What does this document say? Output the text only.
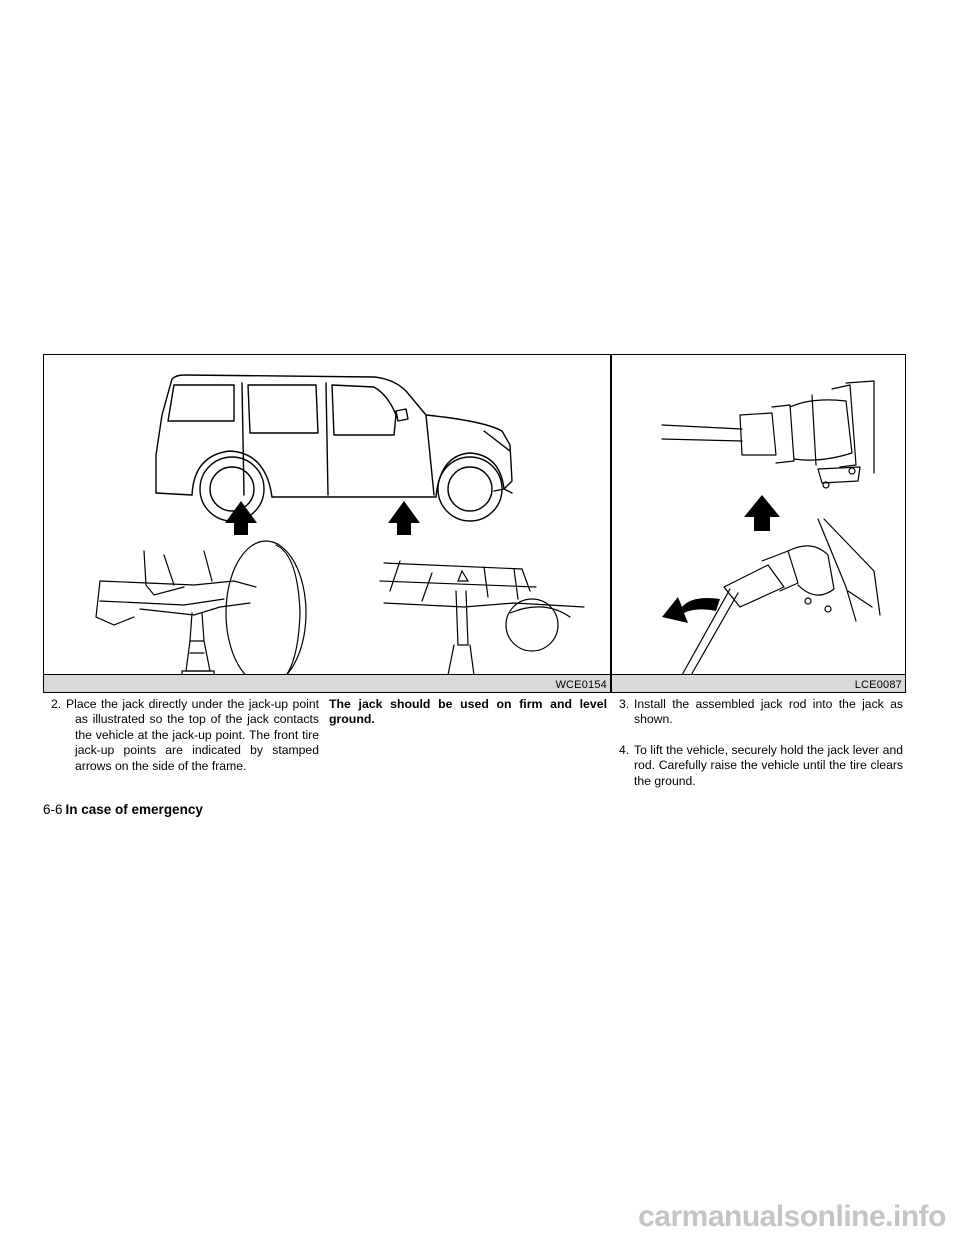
WCE0154	LCE0087
2. Place the jack directly under the jack-up point as illustrated so the top of the jack contacts the vehicle at the jack-up point. The front tire jack-up points are indicated by stamped arrows on the side of the frame.
The jack should be used on firm and level ground.
3. Install the assembled jack rod into the jack as shown.
4. To lift the vehicle, securely hold the jack lever and rod. Carefully raise the vehicle until the tire clears the ground.
6-6 In case of emergency
carmanualsonline.info
